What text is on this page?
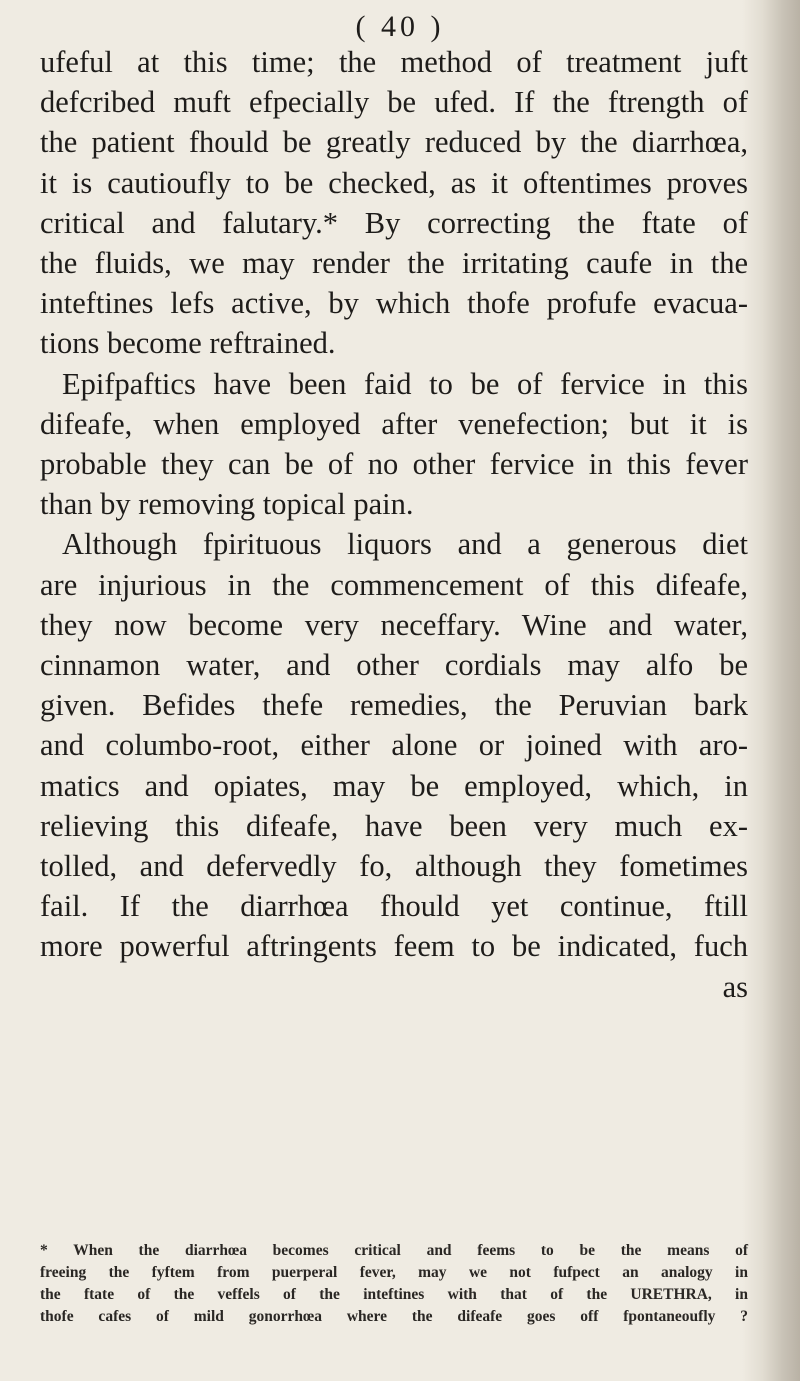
( 40 )
ufeful at this time; the method of treatment juft
defcribed muft efpecially be ufed. If the ftrength of
the patient fhould be greatly reduced by the diarrhœa,
it is cautioufly to be checked, as it oftentimes proves
critical and falutary.* By correcting the ftate of
the fluids, we may render the irritating caufe in the
inteftines lefs active, by which thofe profufe evacua-
tions become reftrained.
Epifpaftics have been faid to be of fervice in this
difeafe, when employed after venefection; but it is
probable they can be of no other fervice in this fever
than by removing topical pain.
Although fpirituous liquors and a generous diet
are injurious in the commencement of this difeafe,
they now become very neceffary. Wine and water,
cinnamon water, and other cordials may alfo be
given. Befides thefe remedies, the Peruvian bark
and columbo-root, either alone or joined with aro-
matics and opiates, may be employed, which, in
relieving this difeafe, have been very much ex-
tolled, and defervedly fo, although they fometimes
fail. If the diarrhœa fhould yet continue, ftill
more powerful aftringents feem to be indicated, fuch
as
* When the diarrhœa becomes critical and feems to be the means of
freeing the fyftem from puerperal fever, may we not fufpect an analogy in
the ftate of the veffels of the inteftines with that of the URETHRA, in
thofe cafes of mild gonorrhœa where the difeafe goes off fpontaneoufly ?
